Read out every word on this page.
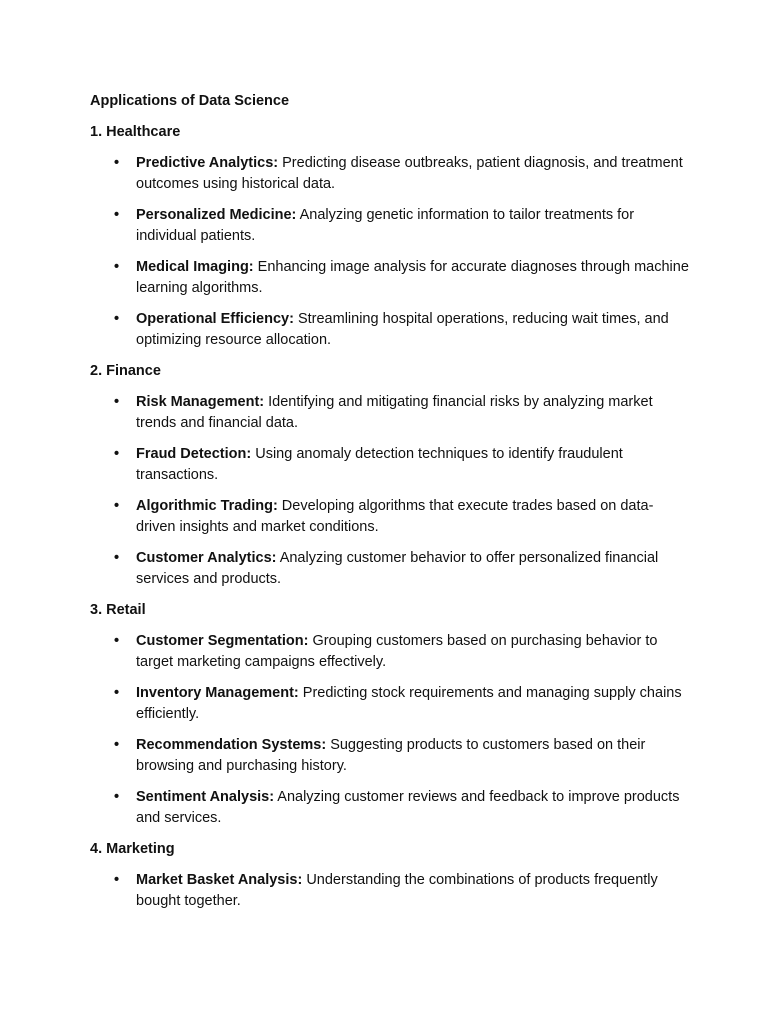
Applications of Data Science
1. Healthcare
• Predictive Analytics: Predicting disease outbreaks, patient diagnosis, and treatment outcomes using historical data.
• Personalized Medicine: Analyzing genetic information to tailor treatments for individual patients.
• Medical Imaging: Enhancing image analysis for accurate diagnoses through machine learning algorithms.
• Operational Efficiency: Streamlining hospital operations, reducing wait times, and optimizing resource allocation.
2. Finance
• Risk Management: Identifying and mitigating financial risks by analyzing market trends and financial data.
• Fraud Detection: Using anomaly detection techniques to identify fraudulent transactions.
• Algorithmic Trading: Developing algorithms that execute trades based on data-driven insights and market conditions.
• Customer Analytics: Analyzing customer behavior to offer personalized financial services and products.
3. Retail
• Customer Segmentation: Grouping customers based on purchasing behavior to target marketing campaigns effectively.
• Inventory Management: Predicting stock requirements and managing supply chains efficiently.
• Recommendation Systems: Suggesting products to customers based on their browsing and purchasing history.
• Sentiment Analysis: Analyzing customer reviews and feedback to improve products and services.
4. Marketing
• Market Basket Analysis: Understanding the combinations of products frequently bought together.
